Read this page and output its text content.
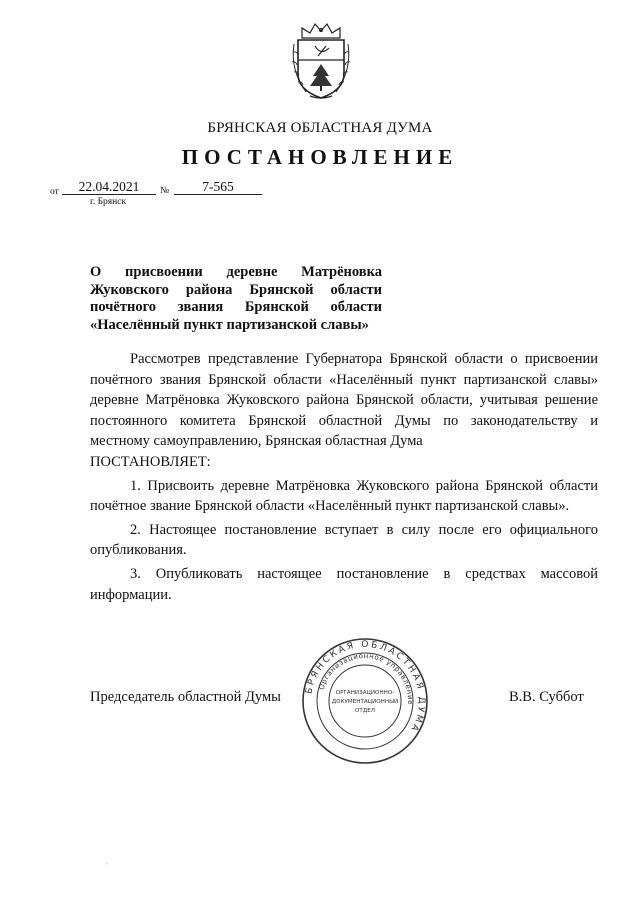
БРЯНСКАЯ ОБЛАСТНАЯ ДУМА
ПОСТАНОВЛЕНИЕ
от	22.04.2021	№	7-565
г. Брянск
О присвоении деревне Матрёновка
Жуковского района Брянской области
почётного звания Брянской области
«Населённый пункт партизанской славы»

Рассмотрев представление Губернатора Брянской области о присвоении почётного звания Брянской области «Населённый пункт партизанской славы» деревне Матрёновка Жуковского района Брянской области, учитывая решение постоянного комитета Брянской областной Думы по законодательству и местному самоуправлению, Брянская областная Дума

ПОСТАНОВЛЯЕТ:

1. Присвоить деревне Матрёновка Жуковского района Брянской области почётное звание Брянской области «Населённый пункт партизанской славы».

2. Настоящее постановление вступает в силу после его официального опубликования.

3. Опубликовать настоящее постановление в средствах массовой информации.

Председатель областной Думы	В.В. Суббот
БРЯНСКАЯ ОБЛАСТНАЯ ДУМА
Организационное управление
ОРГАНИЗАЦИОННО-
ДОКУМЕНТАЦИОННЫЙ
ОТДЕЛ
,
